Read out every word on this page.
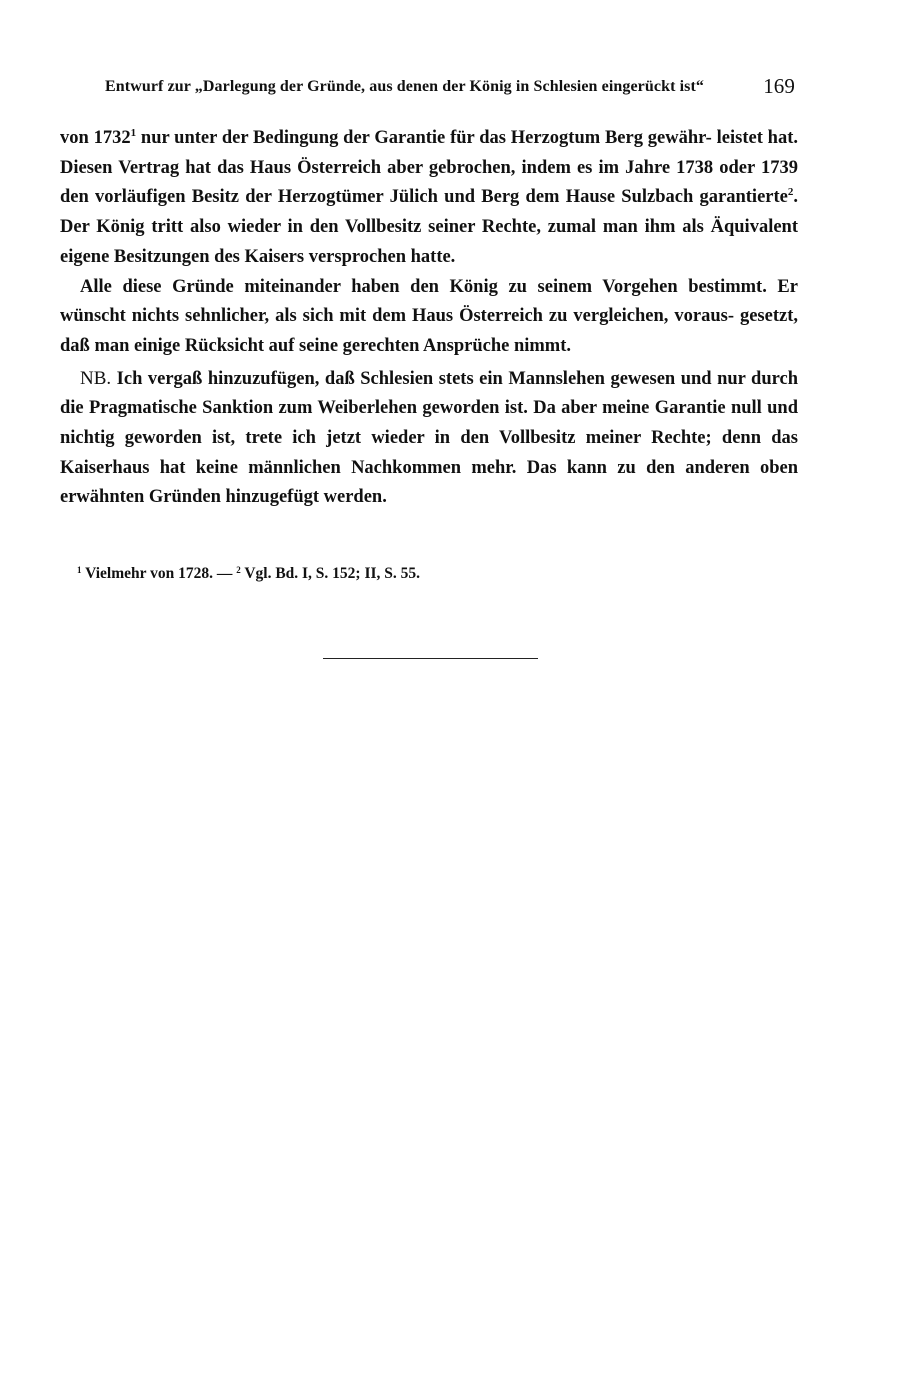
Entwurf zur „Darlegung der Gründe, aus denen der König in Schlesien eingerückt ist“	169

von 1732$^1$ nur unter der Bedingung der Garantie für das Herzogtum Berg gewähr- leistet hat. Diesen Vertrag hat das Haus Österreich aber gebrochen, indem es im Jahre 1738 oder 1739 den vorläufigen Besitz der Herzogtümer Jülich und Berg dem Hause Sulzbach garantierte$^2$. Der König tritt also wieder in den Vollbesitz seiner Rechte, zumal man ihm als Äquivalent eigene Besitzungen des Kaisers versprochen hatte.

Alle diese Gründe miteinander haben den König zu seinem Vorgehen bestimmt. Er wünscht nichts sehnlicher, als sich mit dem Haus Österreich zu vergleichen, voraus- gesetzt, daß man einige Rücksicht auf seine gerechten Ansprüche nimmt.

NB. Ich vergaß hinzuzufügen, daß Schlesien stets ein Mannslehen gewesen und nur durch die Pragmatische Sanktion zum Weiberlehen geworden ist. Da aber meine Garantie null und nichtig geworden ist, trete ich jetzt wieder in den Vollbesitz meiner Rechte; denn das Kaiserhaus hat keine männlichen Nachkommen mehr. Das kann zu den anderen oben erwähnten Gründen hinzugefügt werden.

$^1$ Vielmehr von 1728. — $^2$ Vgl. Bd. I, S. 152; II, S. 55.
